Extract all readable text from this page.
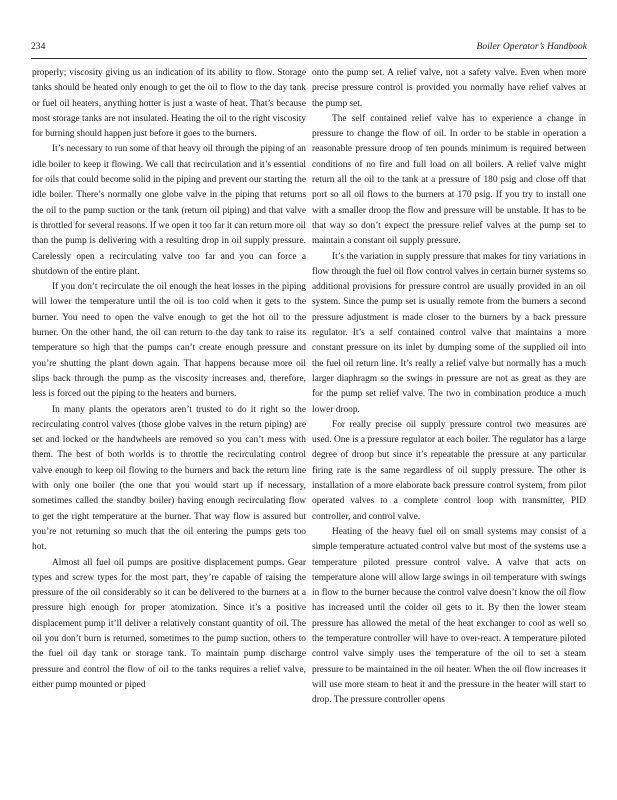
234	Boiler Operator’s Handbook

properly; viscosity giving us an indication of its ability to flow. Storage tanks should be heated only enough to get the oil to flow to the day tank or fuel oil heaters, anything hotter is just a waste of heat. That’s because most storage tanks are not insulated. Heating the oil to the right viscosity for burning should happen just before it goes to the burners.

It’s necessary to run some of that heavy oil through the piping of an idle boiler to keep it flowing. We call that recirculation and it’s essential for oils that could become solid in the piping and prevent our starting the idle boiler. There’s normally one globe valve in the piping that returns the oil to the pump suction or the tank (return oil piping) and that valve is throttled for several reasons. If we open it too far it can return more oil than the pump is delivering with a resulting drop in oil supply pressure. Carelessly open a recirculating valve too far and you can force a shutdown of the entire plant.

If you don’t recirculate the oil enough the heat losses in the piping will lower the temperature until the oil is too cold when it gets to the burner. You need to open the valve enough to get the hot oil to the burner. On the other hand, the oil can return to the day tank to raise its temperature so high that the pumps can’t create enough pressure and you’re shutting the plant down again. That happens because more oil slips back through the pump as the viscosity increases and, therefore, less is forced out the piping to the heaters and burners.

In many plants the operators aren’t trusted to do it right so the recirculating control valves (those globe valves in the return piping) are set and locked or the handwheels are removed so you can’t mess with them. The best of both worlds is to throttle the recirculating control valve enough to keep oil flowing to the burners and back the return line with only one boiler (the one that you would start up if necessary, sometimes called the standby boiler) having enough recirculating flow to get the right temperature at the burner. That way flow is assured but you’re not returning so much that the oil entering the pumps gets too hot.

Almost all fuel oil pumps are positive displacement pumps. Gear types and screw types for the most part, they’re capable of raising the pressure of the oil considerably so it can be delivered to the burners at a pressure high enough for proper atomization. Since it’s a positive displacement pump it’ll deliver a relatively constant quantity of oil. The oil you don’t burn is returned, sometimes to the pump suction, others to the fuel oil day tank or storage tank. To maintain pump discharge pressure and control the flow of oil to the tanks requires a relief valve, either pump mounted or piped

onto the pump set. A relief valve, not a safety valve. Even when more precise pressure control is provided you normally have relief valves at the pump set.

The self contained relief valve has to experience a change in pressure to change the flow of oil. In order to be stable in operation a reasonable pressure droop of ten pounds minimum is required between conditions of no fire and full load on all boilers. A relief valve might return all the oil to the tank at a pressure of 180 psig and close off that port so all oil flows to the burners at 170 psig. If you try to install one with a smaller droop the flow and pressure will be unstable. It has to be that way so don’t expect the pressure relief valves at the pump set to maintain a constant oil supply pressure.

It’s the variation in supply pressure that makes for tiny variations in flow through the fuel oil flow control valves in certain burner systems so additional provisions for pressure control are usually provided in an oil system. Since the pump set is usually remote from the burners a second pressure adjustment is made closer to the burners by a back pressure regulator. It’s a self contained control valve that maintains a more constant pressure on its inlet by dumping some of the supplied oil into the fuel oil return line. It’s really a relief valve but normally has a much larger diaphragm so the swings in pressure are not as great as they are for the pump set relief valve. The two in combination produce a much lower droop.

For really precise oil supply pressure control two measures are used. One is a pressure regulator at each boiler. The regulator has a large degree of droop but since it’s repeatable the pressure at any particular firing rate is the same regardless of oil supply pressure. The other is installation of a more elaborate back pressure control system, from pilot operated valves to a complete control loop with transmitter, PID controller, and control valve.

Heating of the heavy fuel oil on small systems may consist of a simple temperature actuated control valve but most of the systems use a temperature piloted pressure control valve. A valve that acts on temperature alone will allow large swings in oil temperature with swings in flow to the burner because the control valve doesn’t know the oil flow has increased until the colder oil gets to it. By then the lower steam pressure has allowed the metal of the heat exchanger to cool as well so the temperature controller will have to over-react. A temperature piloted control valve simply uses the temperature of the oil to set a steam pressure to be maintained in the oil heater. When the oil flow increases it will use more steam to heat it and the pressure in the heater will start to drop. The pressure controller opens
